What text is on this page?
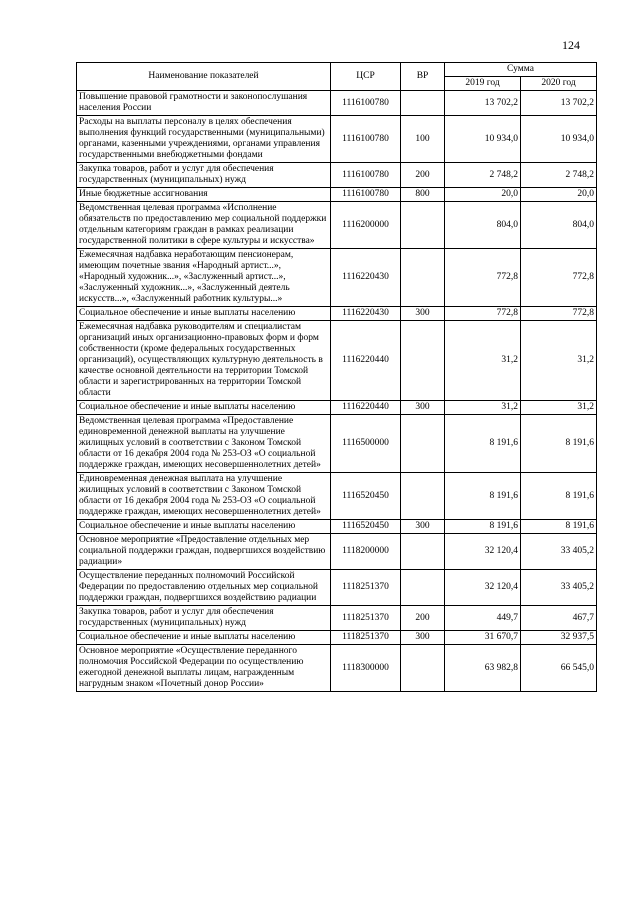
124
Наименование показателей	ЦСР	ВР	Сумма	
			2019 год	2020 год
Повышение правовой грамотности и законопослушания населения России	1116100780		13 702,2	13 702,2
Расходы на выплаты персоналу в целях обеспечения выполнения функций государственными (муниципальными) органами, казенными учреждениями, органами управления государственными внебюджетными фондами	1116100780	100	10 934,0	10 934,0
Закупка товаров, работ и услуг для обеспечения государственных (муниципальных) нужд	1116100780	200	2 748,2	2 748,2
Иные бюджетные ассигнования	1116100780	800	20,0	20,0
Ведомственная целевая программа «Исполнение обязательств по предоставлению мер социальной поддержки отдельным категориям граждан в рамках реализации государственной политики в сфере культуры и искусства»	1116200000		804,0	804,0
Ежемесячная надбавка неработающим пенсионерам, имеющим почетные звания «Народный артист...», «Народный художник...», «Заслуженный артист...», «Заслуженный художник...», «Заслуженный деятель искусств...», «Заслуженный работник культуры...»	1116220430		772,8	772,8
Социальное обеспечение и иные выплаты населению	1116220430	300	772,8	772,8
Ежемесячная надбавка руководителям и специалистам организаций иных организационно-правовых форм и форм собственности (кроме федеральных государственных организаций), осуществляющих культурную деятельность в качестве основной деятельности на территории Томской области и зарегистрированных на территории Томской области	1116220440		31,2	31,2
Социальное обеспечение и иные выплаты населению	1116220440	300	31,2	31,2
Ведомственная целевая программа «Предоставление единовременной денежной выплаты на улучшение жилищных условий в соответствии с Законом Томской области от 16 декабря 2004 года № 253-ОЗ «О социальной поддержке граждан, имеющих несовершеннолетних детей»	1116500000		8 191,6	8 191,6
Единовременная денежная выплата на улучшение жилищных условий в соответствии с Законом Томской области от 16 декабря 2004 года № 253-ОЗ «О социальной поддержке граждан, имеющих несовершеннолетних детей»	1116520450		8 191,6	8 191,6
Социальное обеспечение и иные выплаты населению	1116520450	300	8 191,6	8 191,6
Основное мероприятие «Предоставление отдельных мер социальной поддержки граждан, подвергшихся воздействию радиации»	1118200000		32 120,4	33 405,2
Осуществление переданных полномочий Российской Федерации по предоставлению отдельных мер социальной поддержки граждан, подвергшихся воздействию радиации	1118251370		32 120,4	33 405,2
Закупка товаров, работ и услуг для обеспечения государственных (муниципальных) нужд	1118251370	200	449,7	467,7
Социальное обеспечение и иные выплаты населению	1118251370	300	31 670,7	32 937,5
Основное мероприятие «Осуществление переданного полномочия Российской Федерации по осуществлению ежегодной денежной выплаты лицам, награжденным нагрудным знаком «Почетный донор России»	1118300000		63 982,8	66 545,0
